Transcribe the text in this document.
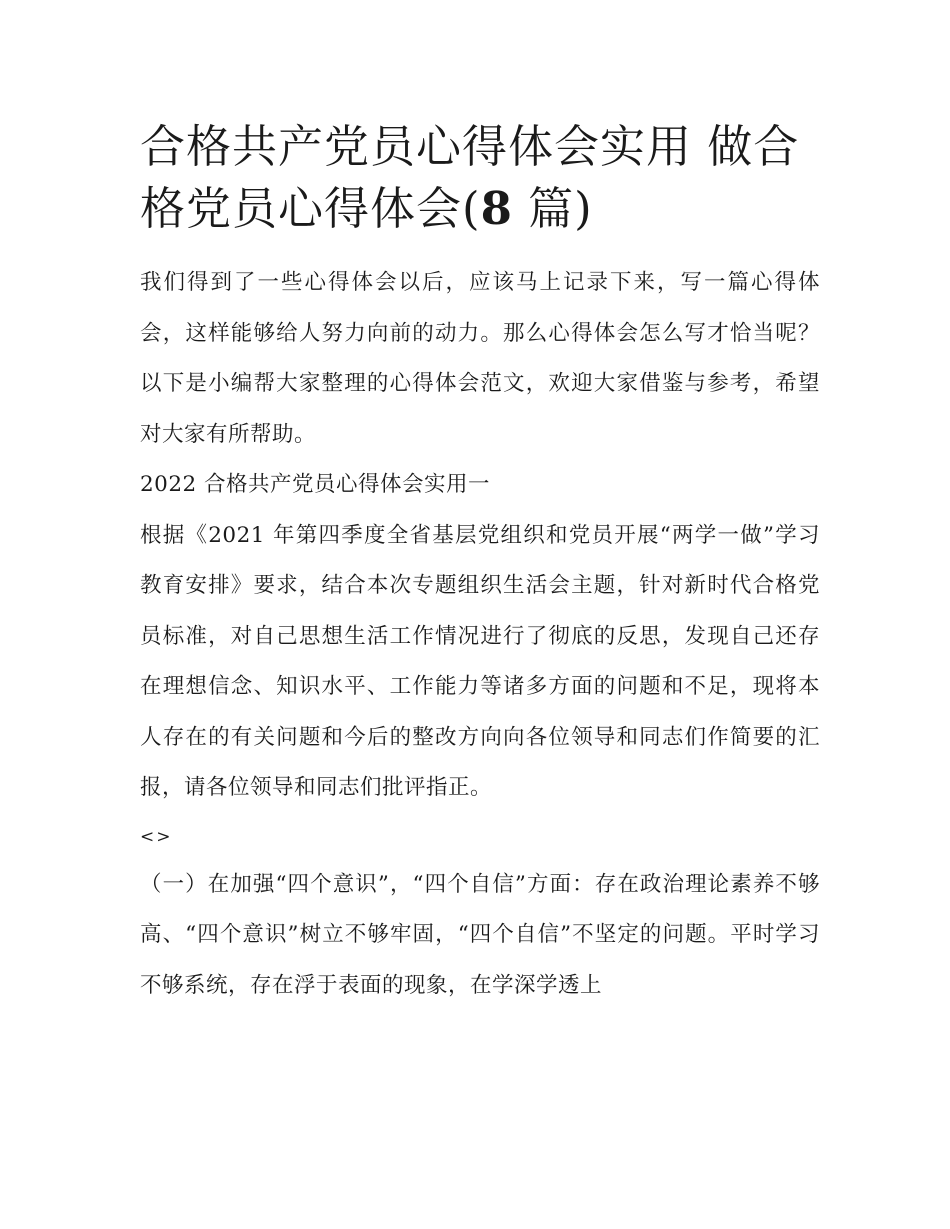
合格共产党员心得体会实用 做合格党员心得体会(8 篇)

我们得到了一些心得体会以后，应该马上记录下来，写一篇心得体会，这样能够给人努力向前的动力。那么心得体会怎么写才恰当呢？以下是小编帮大家整理的心得体会范文，欢迎大家借鉴与参考，希望对大家有所帮助。

2022 合格共产党员心得体会实用一

根据《2021 年第四季度全省基层党组织和党员开展“两学一做”学习教育安排》要求，结合本次专题组织生活会主题，针对新时代合格党员标准，对自己思想生活工作情况进行了彻底的反思，发现自己还存在理想信念、知识水平、工作能力等诸多方面的问题和不足，现将本人存在的有关问题和今后的整改方向向各位领导和同志们作简要的汇报，请各位领导和同志们批评指正。

<>

（一）在加强“四个意识”，“四个自信”方面：存在政治理论素养不够高、“四个意识”树立不够牢固，“四个自信”不坚定的问题。平时学习不够系统，存在浮于表面的现象，在学深学透上
